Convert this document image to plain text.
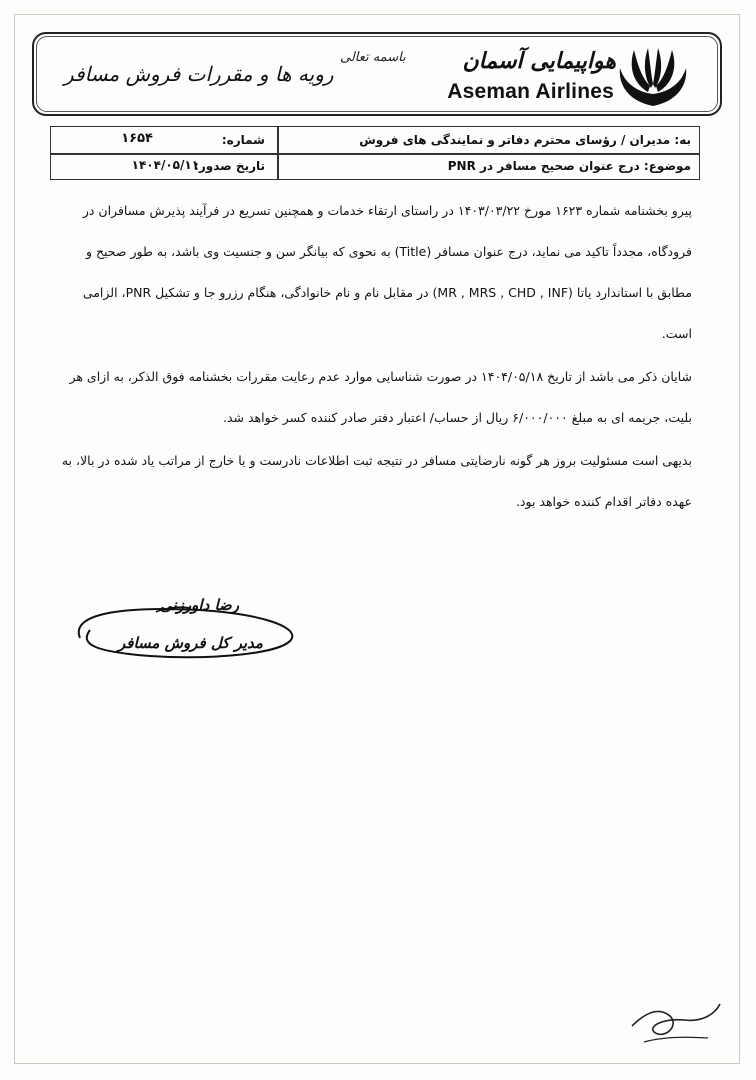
هواپیمایی آسمان
Aseman Airlines
باسمه تعالی
رویه ها و مقررات فروش مسافر
به: مدیران / رؤسای محترم دفاتر و نمایندگی های فروش
موضوع: درج عنوان صحیح مسافر در PNR
شماره:
۱۶۵۴
تاریخ صدور:
۱۴۰۴/۰۵/۱۱

پیرو بخشنامه شماره ۱۶۲۳ مورخ ۱۴۰۳/۰۳/۲۲ در راستای ارتقاء خدمات و همچنین تسریع در فرآیند پذیرش مسافران در فرودگاه، مجدداً تاکید می نماید، درج عنوان مسافر (Title) به نحوی که بیانگر سن و جنسیت وی باشد، به طور صحیح و مطابق با استاندارد یاتا (MR , MRS , CHD , INF) در مقابل نام و نام خانوادگی، هنگام رزرو جا و تشکیل PNR، الزامی است.

شایان ذکر می باشد از تاریخ ۱۴۰۴/۰۵/۱۸ در صورت شناسایی موارد عدم رعایت مقررات بخشنامه فوق الذکر، به ازای هر بلیت، جریمه ای به مبلغ ۶/۰۰۰/۰۰۰ ریال از حساب/ اعتبار دفتر صادر کننده کسر خواهد شد.

بدیهی است مسئولیت بروز هر گونه نارضایتی مسافر در نتیجه ثبت اطلاعات نادرست و یا خارج از مراتب یاد شده در بالا، به عهده دفاتر اقدام کننده خواهد بود.

رضا داورزنی
مدیر کل فروش مسافر
